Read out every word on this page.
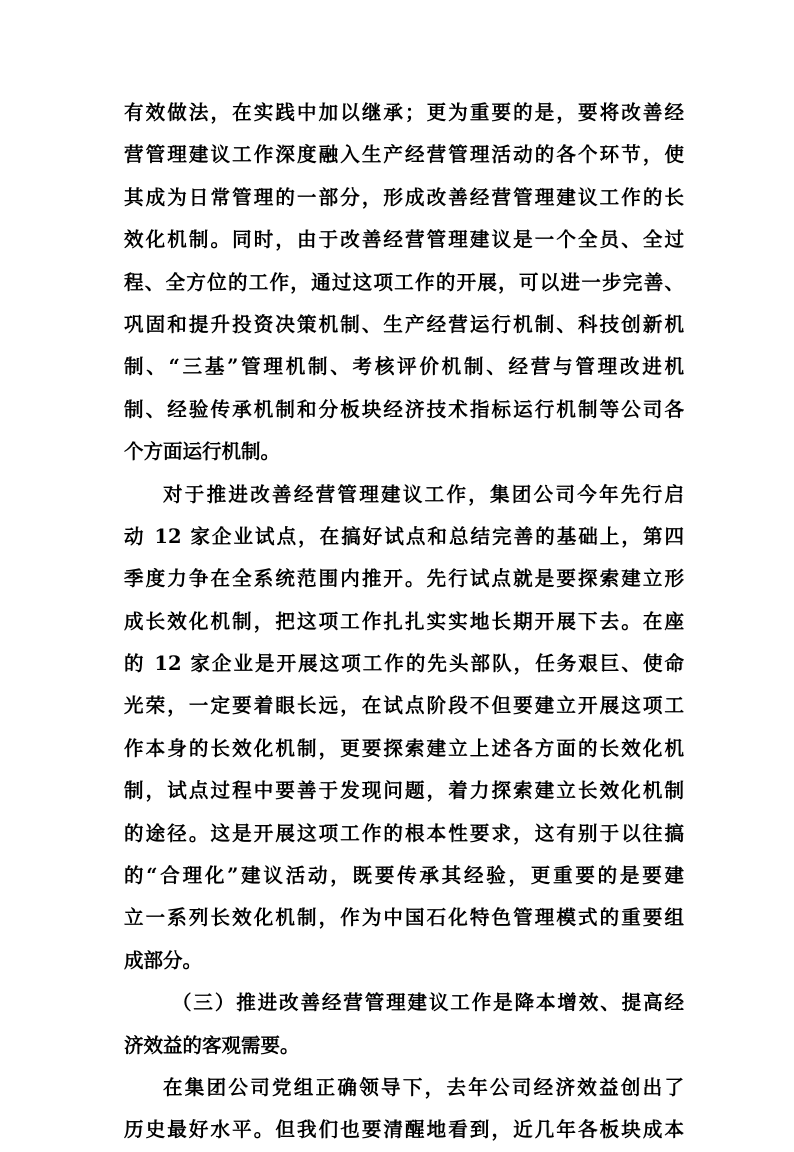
有效做法，在实践中加以继承；更为重要的是，要将改善经
营管理建议工作深度融入生产经营管理活动的各个环节，使
其成为日常管理的一部分，形成改善经营管理建议工作的长
效化机制。同时，由于改善经营管理建议是一个全员、全过
程、全方位的工作，通过这项工作的开展，可以进一步完善、
巩固和提升投资决策机制、生产经营运行机制、科技创新机
制、“三基”管理机制、考核评价机制、经营与管理改进机
制、经验传承机制和分板块经济技术指标运行机制等公司各
个方面运行机制。
对于推进改善经营管理建议工作，集团公司今年先行启
动 12 家企业试点，在搞好试点和总结完善的基础上，第四
季度力争在全系统范围内推开。先行试点就是要探索建立形
成长效化机制，把这项工作扎扎实实地长期开展下去。在座
的 12 家企业是开展这项工作的先头部队，任务艰巨、使命
光荣，一定要着眼长远，在试点阶段不但要建立开展这项工
作本身的长效化机制，更要探索建立上述各方面的长效化机
制，试点过程中要善于发现问题，着力探索建立长效化机制
的途径。这是开展这项工作的根本性要求，这有别于以往搞
的“合理化”建议活动，既要传承其经验，更重要的是要建
立一系列长效化机制，作为中国石化特色管理模式的重要组
成部分。
（三）推进改善经营管理建议工作是降本增效、提高经
济效益的客观需要。
在集团公司党组正确领导下，去年公司经济效益创出了
历史最好水平。但我们也要清醒地看到，近几年各板块成本
